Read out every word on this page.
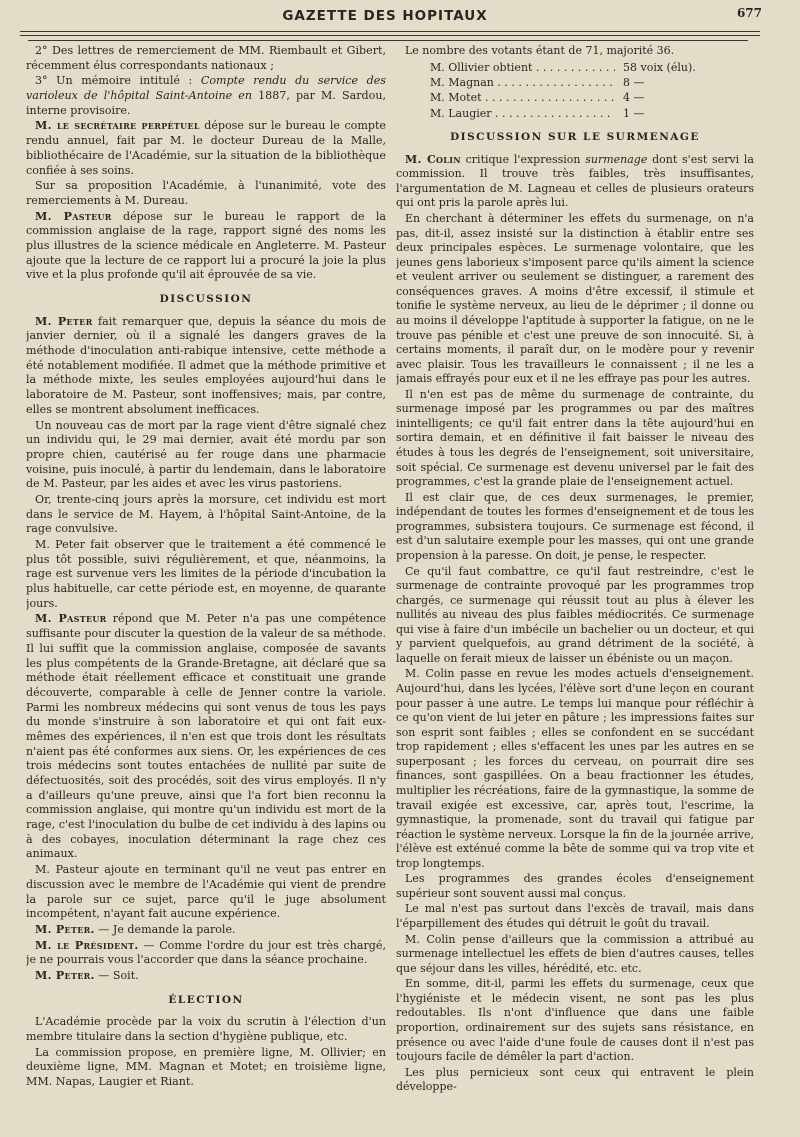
GAZETTE DES HOPITAUX	677

2° Des lettres de remerciement de MM. Riembault et Gibert, récemment élus correspondants nationaux ;

3° Un mémoire intitulé : Compte rendu du service des varioleux de l'hôpital Saint-Antoine en 1887, par M. Sardou, interne provisoire.

M. le secrétaire perpétuel dépose sur le bureau le compte rendu annuel, fait par M. le docteur Dureau de la Malle, bibliothécaire de l'Académie, sur la situation de la bibliothèque confiée à ses soins.

Sur sa proposition l'Académie, à l'unanimité, vote des remerciements à M. Dureau.

M. Pasteur dépose sur le bureau le rapport de la commission anglaise de la rage, rapport signé des noms les plus illustres de la science médicale en Angleterre. M. Pasteur ajoute que la lecture de ce rapport lui a procuré la joie la plus vive et la plus profonde qu'il ait éprouvée de sa vie.

DISCUSSION

M. Peter fait remarquer que, depuis la séance du mois de janvier dernier, où il a signalé les dangers graves de la méthode d'inoculation anti-rabique intensive, cette méthode a été notablement modifiée. Il admet que la méthode primitive et la méthode mixte, les seules employées aujourd'hui dans le laboratoire de M. Pasteur, sont inoffensives; mais, par contre, elles se montrent absolument inefficaces.

Un nouveau cas de mort par la rage vient d'être signalé chez un individu qui, le 29 mai dernier, avait été mordu par son propre chien, cautérisé au fer rouge dans une pharmacie voisine, puis inoculé, à partir du lendemain, dans le laboratoire de M. Pasteur, par les aides et avec les virus pastoriens.

Or, trente-cinq jours après la morsure, cet individu est mort dans le service de M. Hayem, à l'hôpital Saint-Antoine, de la rage convulsive.

M. Peter fait observer que le traitement a été commencé le plus tôt possible, suivi régulièrement, et que, néanmoins, la rage est survenue vers les limites de la période d'incubation la plus habituelle, car cette période est, en moyenne, de quarante jours.

M. Pasteur répond que M. Peter n'a pas une compétence suffisante pour discuter la question de la valeur de sa méthode. Il lui suffit que la commission anglaise, composée de savants les plus compétents de la Grande-Bretagne, ait déclaré que sa méthode était réellement efficace et constituait une grande découverte, comparable à celle de Jenner contre la variole. Parmi les nombreux médecins qui sont venus de tous les pays du monde s'instruire à son laboratoire et qui ont fait eux-mêmes des expériences, il n'en est que trois dont les résultats n'aient pas été conformes aux siens. Or, les expériences de ces trois médecins sont toutes entachées de nullité par suite de défectuosités, soit des procédés, soit des virus employés. Il n'y a d'ailleurs qu'une preuve, ainsi que l'a fort bien reconnu la commission anglaise, qui montre qu'un individu est mort de la rage, c'est l'inoculation du bulbe de cet individu à des lapins ou à des cobayes, inoculation déterminant la rage chez ces animaux.

M. Pasteur ajoute en terminant qu'il ne veut pas entrer en discussion avec le membre de l'Académie qui vient de prendre la parole sur ce sujet, parce qu'il le juge absolument incompétent, n'ayant fait aucune expérience.

M. Peter. — Je demande la parole.

M. le Président. — Comme l'ordre du jour est très chargé, je ne pourrais vous l'accorder que dans la séance prochaine.

M. Peter. — Soit.

ÉLECTION

L'Académie procède par la voix du scrutin à l'élection d'un membre titulaire dans la section d'hygiène publique, etc.

La commission propose, en première ligne, M. Ollivier; en deuxième ligne, MM. Magnan et Motet; en troisième ligne, MM. Napas, Laugier et Riant.

Le nombre des votants étant de 71, majorité 36.

M. Ollivier obtient . . .	58 voix (élu).
M. Magnan . . .	8 —
M. Motet . . .	4 —
M. Laugier . . .	1 —

DISCUSSION SUR LE SURMENAGE

M. Colin critique l'expression surmenage dont s'est servi la commission. Il trouve très faibles, très insuffisantes, l'argumentation de M. Lagneau et celles de plusieurs orateurs qui ont pris la parole après lui.

En cherchant à déterminer les effets du surmenage, on n'a pas, dit-il, assez insisté sur la distinction à établir entre ses deux principales espèces. Le surmenage volontaire, que les jeunes gens laborieux s'imposent parce qu'ils aiment la science et veulent arriver ou seulement se distinguer, a rarement des conséquences graves. A moins d'être excessif, il stimule et tonifie le système nerveux, au lieu de le déprimer ; il donne ou au moins il développe l'aptitude à supporter la fatigue, on ne le trouve pas pénible et c'est une preuve de son innocuité. Si, à certains moments, il paraît dur, on le modère pour y revenir avec plaisir. Tous les travailleurs le connaissent ; il ne les a jamais effrayés pour eux et il ne les effraye pas pour les autres.

Il n'en est pas de même du surmenage de contrainte, du surmenage imposé par les programmes ou par des maîtres inintelligents; ce qu'il fait entrer dans la tête aujourd'hui en sortira demain, et en définitive il fait baisser le niveau des études à tous les degrés de l'enseignement, soit universitaire, soit spécial. Ce surmenage est devenu universel par le fait des programmes, c'est la grande plaie de l'enseignement actuel.

Il est clair que, de ces deux surmenages, le premier, indépendant de toutes les formes d'enseignement et de tous les programmes, subsistera toujours. Ce surmenage est fécond, il est d'un salutaire exemple pour les masses, qui ont une grande propension à la paresse. On doit, je pense, le respecter.

Ce qu'il faut combattre, ce qu'il faut restreindre, c'est le surmenage de contrainte provoqué par les programmes trop chargés, ce surmenage qui réussit tout au plus à élever les nullités au niveau des plus faibles médiocrités. Ce surmenage qui vise à faire d'un imbécile un bachelier ou un docteur, et qui y parvient quelquefois, au grand détriment de la société, à laquelle on ferait mieux de laisser un ébéniste ou un maçon.

M. Colin passe en revue les modes actuels d'enseignement. Aujourd'hui, dans les lycées, l'élève sort d'une leçon en courant pour passer à une autre. Le temps lui manque pour réfléchir à ce qu'on vient de lui jeter en pâture ; les impressions faites sur son esprit sont faibles ; elles se confondent en se succédant trop rapidement ; elles s'effacent les unes par les autres en se superposant ; les forces du cerveau, on pourrait dire ses finances, sont gaspillées. On a beau fractionner les études, multiplier les récréations, faire de la gymnastique, la somme de travail exigée est excessive, car, après tout, l'escrime, la gymnastique, la promenade, sont du travail qui fatigue par réaction le système nerveux. Lorsque la fin de la journée arrive, l'élève est exténué comme la bête de somme qui va trop vite et trop longtemps.

Les programmes des grandes écoles d'enseignement supérieur sont souvent aussi mal conçus.

Le mal n'est pas surtout dans l'excès de travail, mais dans l'éparpillement des études qui détruit le goût du travail.

M. Colin pense d'ailleurs que la commission a attribué au surmenage intellectuel les effets de bien d'autres causes, telles que séjour dans les villes, hérédité, etc. etc.

En somme, dit-il, parmi les effets du surmenage, ceux que l'hygiéniste et le médecin visent, ne sont pas les plus redoutables. Ils n'ont d'influence que dans une faible proportion, ordinairement sur des sujets sans résistance, en présence ou avec l'aide d'une foule de causes dont il n'est pas toujours facile de démêler la part d'action.

Les plus pernicieux sont ceux qui entravent le plein développe-
